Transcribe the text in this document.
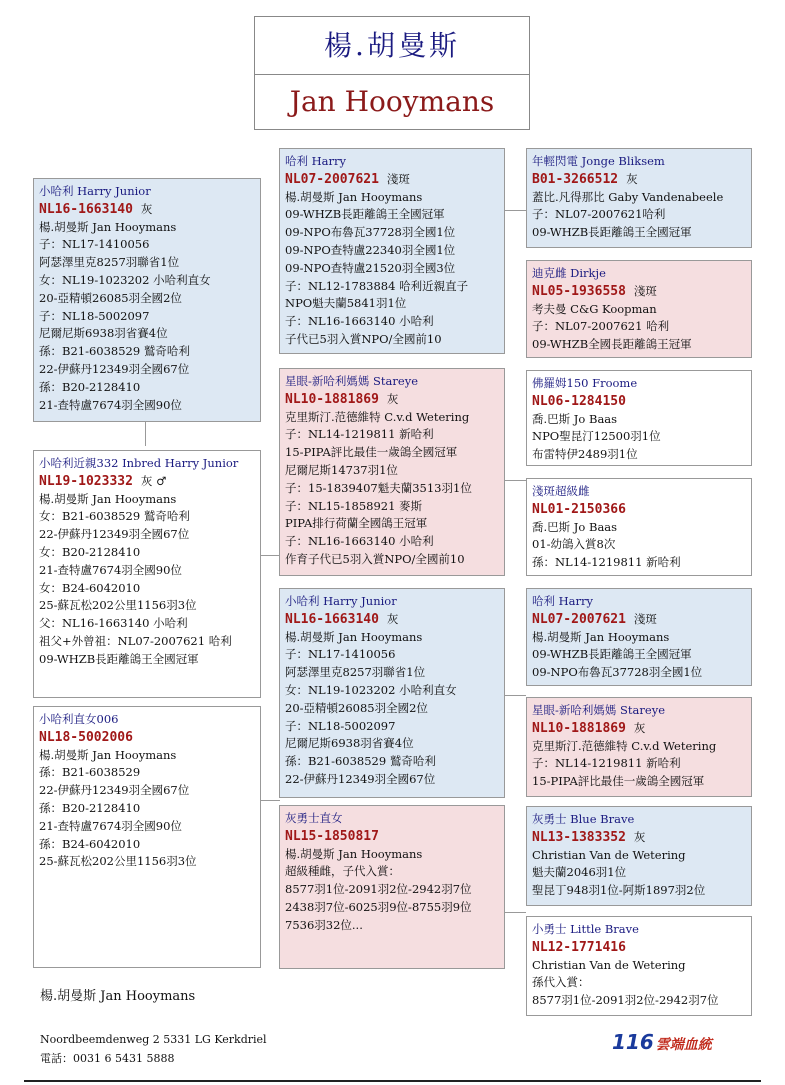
楊.胡曼斯
Jan Hooymans
小哈利 Harry Junior
NL16-1663140 灰
楊.胡曼斯 Jan Hooymans
子：NL17-1410056
阿瑟澤里克8257羽聯省1位
女：NL19-1023202 小哈利直女
20-亞精頓26085羽全國2位
子：NL18-5002097
尼爾尼斯6938羽省賽4位
孫：B21-6038529 鷲奇哈利
22-伊蘇丹12349羽全國67位
孫：B20-2128410
21-查特盧7674羽全國90位
小哈利近親332 Inbred Harry Junior
NL19-1023332 灰 ♂
楊.胡曼斯 Jan Hooymans
女：B21-6038529 鷲奇哈利
22-伊蘇丹12349羽全國67位
女：B20-2128410
21-查特盧7674羽全國90位
女：B24-6042010
25-蘇瓦松202公里1156羽3位
父：NL16-1663140 小哈利
祖父+外曾祖：NL07-2007621 哈利
09-WHZB長距離鴿王全國冠軍
小哈利直女006
NL18-5002006
楊.胡曼斯 Jan Hooymans
孫：B21-6038529
22-伊蘇丹12349羽全國67位
孫：B20-2128410
21-查特盧7674羽全國90位
孫：B24-6042010
25-蘇瓦松202公里1156羽3位
哈利 Harry
NL07-2007621 淺斑
楊.胡曼斯 Jan Hooymans
09-WHZB長距離鴿王全國冠軍
09-NPO布魯瓦37728羽全國1位
09-NPO查特盧22340羽全國1位
09-NPO查特盧21520羽全國3位
子：NL12-1783884 哈利近親直子
NPO魁夫蘭5841羽1位
子：NL16-1663140 小哈利
子代已5羽入賞NPO/全國前10
星眼-新哈利媽媽 Stareye
NL10-1881869 灰
克里斯汀.范德維特 C.v.d Wetering
子：NL14-1219811 新哈利
15-PIPA評比最佳一歲鴿全國冠軍
尼爾尼斯14737羽1位
子：15-1839407魁夫蘭3513羽1位
子：NL15-1858921 麥斯
PIPA排行荷蘭全國鴿王冠軍
子：NL16-1663140 小哈利
作育子代已5羽入賞NPO/全國前10
小哈利 Harry Junior
NL16-1663140 灰
楊.胡曼斯 Jan Hooymans
子：NL17-1410056
阿瑟澤里克8257羽聯省1位
女：NL19-1023202 小哈利直女
20-亞精頓26085羽全國2位
子：NL18-5002097
尼爾尼斯6938羽省賽4位
孫：B21-6038529 鷲奇哈利
22-伊蘇丹12349羽全國67位
灰勇士直女
NL15-1850817
楊.胡曼斯 Jan Hooymans
超級種雌，子代入賞：
8577羽1位-2091羽2位-2942羽7位
2438羽7位-6025羽9位-8755羽9位
7536羽32位...
年輕閃電 Jonge Bliksem
B01-3266512 灰
蓋比.凡得那比 Gaby Vandenabeele
子：NL07-2007621哈利
09-WHZB長距離鴿王全國冠軍
迪克雌 Dirkje
NL05-1936558 淺斑
考夫曼 C&G Koopman
子：NL07-2007621 哈利
09-WHZB全國長距離鴿王冠軍
佛羅姆150 Froome
NL06-1284150
喬.巴斯 Jo Baas
NPO聖昆汀12500羽1位
布雷特伊2489羽1位
淺斑超級雌
NL01-2150366
喬.巴斯 Jo Baas
01-幼鴿入賞8次
孫：NL14-1219811 新哈利
哈利 Harry
NL07-2007621 淺斑
楊.胡曼斯 Jan Hooymans
09-WHZB長距離鴿王全國冠軍
09-NPO布魯瓦37728羽全國1位
星眼-新哈利媽媽 Stareye
NL10-1881869 灰
克里斯汀.范德維特 C.v.d Wetering
子：NL14-1219811 新哈利
15-PIPA評比最佳一歲鴿全國冠軍
灰勇士 Blue Brave
NL13-1383352 灰
Christian Van de Wetering
魁夫蘭2046羽1位
聖昆丁948羽1位-阿斯1897羽2位
小勇士 Little Brave
NL12-1771416
Christian Van de Wetering
孫代入賞：
8577羽1位-2091羽2位-2942羽7位
楊.胡曼斯 Jan Hooymans
Noordbeemdenweg 2 5331 LG Kerkdriel
電話：0031 6 5431 5888
116 雲端血統
